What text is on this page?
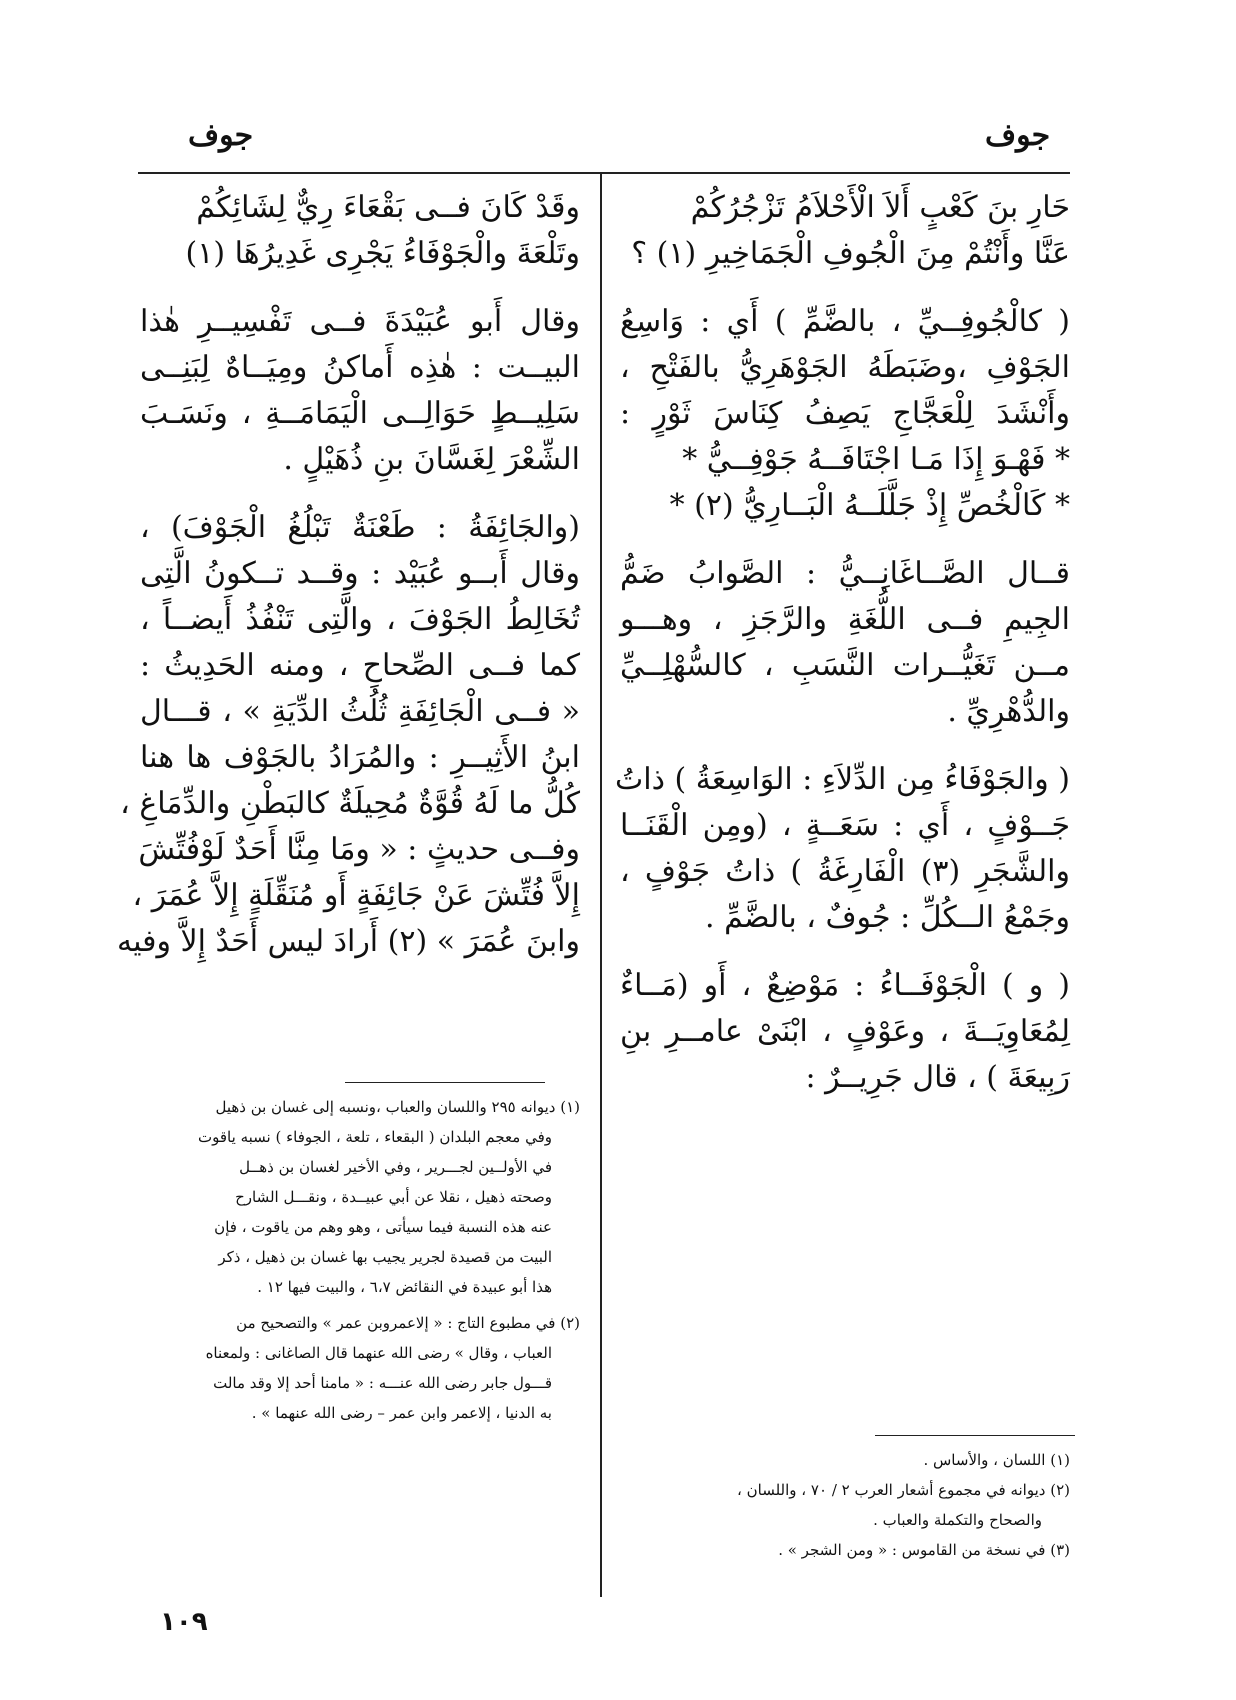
جوف	جوف

حَارِ بنَ كَعْبٍ أَلاَ الْأَحْلاَمُ تَزْجُرُكُمْ

عَنَّا وأَنْتُمْ مِنَ الْجُوفِ الْجَمَاخِيرِ (١) ؟

( كالْجُوفِــيِّ ، بالضَّمِّ ) أَي : وَاسِعُ

الجَوْفِ ،وضَبَطَهُ الجَوْهَرِيُّ بالفَتْحِ ،

وأَنْشَدَ لِلْعَجَّاجِ يَصِفُ كِنَاسَ ثَوْرٍ :

* فَهْـوَ إِذَا مَـا اجْتَافَــهُ جَوْفِــيُّ *

* كَالْخُصِّ إِذْ جَلَّلَــهُ الْبَــارِيُّ (٢) *

قــال الصَّــاغَانِــيُّ : الصَّوابُ ضَمُّ

الجِيمِ فــى اللُّغَةِ والرَّجَزِ ، وهـــو

مــن تَغَيُّــرات النَّسَبِ ، كالسُّهْلِــيِّ

والدُّهْرِيِّ .

( والجَوْفَاءُ مِن الدِّلاَءِ : الوَاسِعَةُ ) ذاتُ

جَــوْفٍ ، أَي : سَعَــةٍ ، (ومِن الْقَنَــا

والشَّجَرِ (٣) الْفَارِغَةُ ) ذاتُ جَوْفٍ ،

وجَمْعُ الــكُلِّ : جُوفٌ ، بالضَّمِّ .

( و ) الْجَوْفَــاءُ : مَوْضِعٌ ، أَو (مَــاءٌ

لِمُعَاوِيَــةَ ، وعَوْفٍ ، ابْنَىْ عامــرِ بنِ

رَبِيعَةَ ) ، قال جَرِيــرٌ :

وقَدْ كَانَ فــى بَقْعَاءَ رِيٌّ لِشَائِكُمْ

وتَلْعَةَ والْجَوْفَاءُ يَجْرِى غَدِيرُهَا (١)

وقال أَبو عُبَيْدَةَ فــى تَفْسِيــرِ هٰذا

البيــت : هٰذِه أَماكنُ ومِيَــاهٌ لِبَنِــى

سَلِيــطٍ حَوَالِــى الْيَمَامَــةِ ، ونَسَـبَ

الشِّعْرَ لِغَسَّانَ بنِ ذُهَيْلٍ .

(والجَائِفَةُ : طَعْنَةٌ تَبْلُغُ الْجَوْفَ) ،

وقال أَبــو عُبَيْد : وقــد تــكونُ الَّتِى

تُخَالِطُ الجَوْفَ ، والَّتِى تَنْفُذُ أَيضــاً ،

كما فــى الصِّحاحِ ، ومنه الحَدِيثُ :

« فــى الْجَائِفَةِ ثُلُثُ الدِّيَةِ » ، قـــال

ابنُ الأَثِيــرِ : والمُرَادُ بالجَوْف ها هنا

كُلُّ ما لَهُ قُوَّةٌ مُحِيلَةٌ كالبَطْنِ والدِّمَاغِ ،

وفــى حديثٍ : « ومَا مِنَّا أَحَدٌ لَوْفُتِّشَ

إِلاَّ فُتِّشَ عَنْ جَائِفَةٍ أَو مُنَقِّلَةٍ إِلاَّ عُمَرَ ،

وابنَ عُمَرَ » (٢) أَرادَ ليس أَحَدٌ إِلاَّ وفيه

(١) ديوانه ٢٩٥ واللسان والعباب ،ونسبه إلى غسان بن ذهيل

وفي معجم البلدان ( البقعاء ، تلعة ، الجوفاء ) نسبه ياقوت

في الأولــين لجـــرير ، وفي الأخير لغسان بن ذهــل

وصحته ذهيل ، نقلا عن أبي عبيــدة ، ونقـــل الشارح

عنه هذه النسبة فيما سيأتى ، وهو وهم من ياقوت ، فإن

البيت من قصيدة لجرير يجيب بها غسان بن ذهيل ، ذكر

هذا أبو عبيدة في النقائض ٦،٧ ، والبيت فيها ١٢ .

(٢) في مطبوع التاج : « إلاعمروبن عمر » والتصحيح من

العباب ، وقال » رضى الله عنهما قال الصاغانى : ولمعناه

قـــول جابر رضى الله عنـــه : « مامنا أحد إلا وقد مالت

به الدنيا ، إلاعمر وابن عمر – رضى الله عنهما » .

(١) اللسان ، والأساس .

(٢) ديوانه في مجموع أشعار العرب ٢ / ٧٠ ، واللسان ،

والصحاح والتكملة والعباب .

(٣) في نسخة من القاموس : « ومن الشجر » .

١٠٩
